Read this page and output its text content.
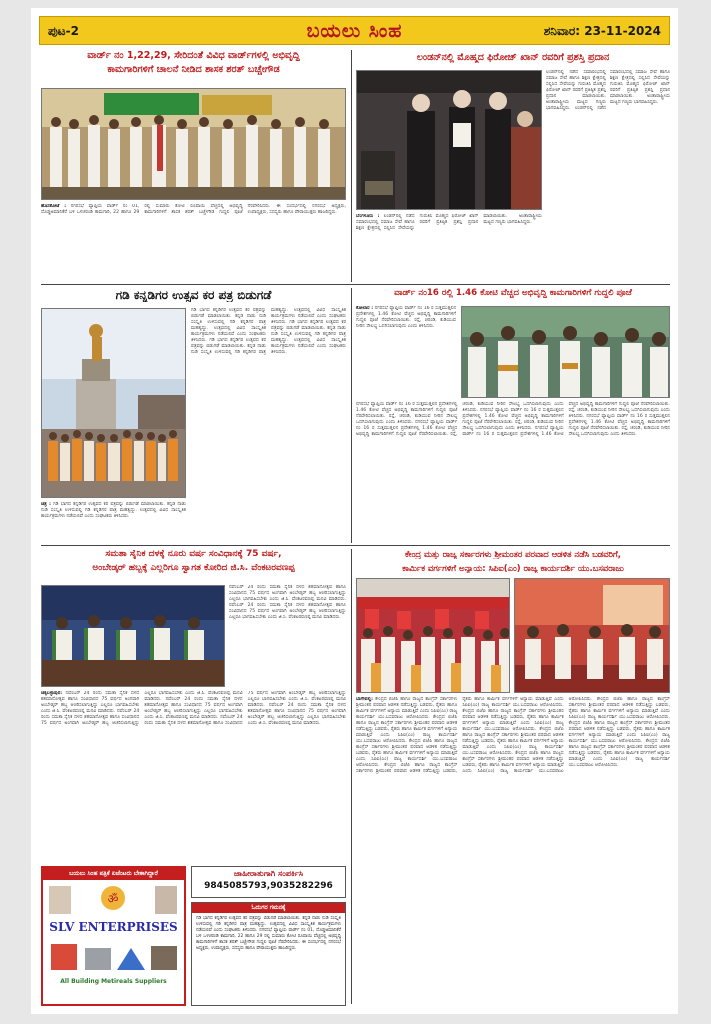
ಪುಟ-2	ಬಯಲು ಸಿಂಹ	ಶನಿವಾರ: 23-11-2024
ವಾರ್ಡ್ ನಂ 1,22,29, ಸೇರಿದಂತೆ ವಿವಿಧ ವಾರ್ಡ್‌ಗಳಲ್ಲಿ ಅಭಿವೃದ್ಧಿ
ಕಾಮಗಾರಿಗಳಿಗೆ ಚಾಲನೆ ನೀಡಿದ ಶಾಸಕ ಶರತ್ ಬಚ್ಚೇಗೌಡ
ಹೊಸಕೋಟೆ : ನಗರಸಭೆ ವ್ಯಾಪ್ತಿಯ ವಾರ್ಡ್ ನಂ 01, ದೊಡ್ಡಅಮಾನಿಕೆರೆ ಬಳಿ ಒಳಚರಂಡಿ ಕಾಮಗಾರಿ, 22 ಹಾಗೂ 29 ರಲ್ಲಿ ಸುಮಾರು ಕೋಟಿ ರೂಪಾಯಿ ವೆಚ್ಚದಲ್ಲಿ ಅಭಿವೃದ್ಧಿ ಕಾಮಗಾರಿಗಳಿಗೆ ಶಾಸಕ ಶರತ್ ಬಚ್ಚೇಗೌಡ ಗುದ್ದಲಿ ಪೂಜೆ ನೆರವೇರಿಸಿದರು. ಈ ಸಂದರ್ಭದಲ್ಲಿ ನಗರಸಭೆ ಅಧ್ಯಕ್ಷರು, ಉಪಾಧ್ಯಕ್ಷರು, ಸದಸ್ಯರು ಹಾಗೂ ಪೌರಾಯುಕ್ತರು ಹಾಜರಿದ್ದರು.
ಲಂಡನ್‌ನಲ್ಲಿ ಮೊಹ್ಮದ ಫಿರೋಜ್ ಖಾನ್ ರವರಿಗೆ ಪ್ರಶಸ್ತಿ ಪ್ರದಾನ
ಲಂಡನ್‌ನಲ್ಲಿ ನಡೆದ ಸಮಾರಂಭದಲ್ಲಿ ಸಮಾಜ ಸೇವೆ ಹಾಗೂ ಶಿಕ್ಷಣ ಕ್ಷೇತ್ರದಲ್ಲಿ ಸಲ್ಲಿಸಿದ ಸೇವೆಯನ್ನು ಗುರುತಿಸಿ ಮೊಹ್ಮದ ಫಿರೋಜ್ ಖಾನ್ ರವರಿಗೆ ಪ್ರತಿಷ್ಠಿತ ಪ್ರಶಸ್ತಿ ಪ್ರದಾನ ಮಾಡಲಾಯಿತು. ಅಂತಾರಾಷ್ಟ್ರೀಯ ಮಟ್ಟದ ಗಣ್ಯರು ಭಾಗವಹಿಸಿದ್ದರು. ಲಂಡನ್‌ನಲ್ಲಿ ನಡೆದ ಸಮಾರಂಭದಲ್ಲಿ ಸಮಾಜ ಸೇವೆ ಹಾಗೂ ಶಿಕ್ಷಣ ಕ್ಷೇತ್ರದಲ್ಲಿ ಸಲ್ಲಿಸಿದ ಸೇವೆಯನ್ನು ಗುರುತಿಸಿ ಮೊಹ್ಮದ ಫಿರೋಜ್ ಖಾನ್ ರವರಿಗೆ ಪ್ರತಿಷ್ಠಿತ ಪ್ರಶಸ್ತಿ ಪ್ರದಾನ ಮಾಡಲಾಯಿತು. ಅಂತಾರಾಷ್ಟ್ರೀಯ ಮಟ್ಟದ ಗಣ್ಯರು ಭಾಗವಹಿಸಿದ್ದರು.
ಬೆಂಗಳೂರು : ಲಂಡನ್‌ನಲ್ಲಿ ನಡೆದ ಸಮಾರಂಭದಲ್ಲಿ ಸಮಾಜ ಸೇವೆ ಹಾಗೂ ಶಿಕ್ಷಣ ಕ್ಷೇತ್ರದಲ್ಲಿ ಸಲ್ಲಿಸಿದ ಸೇವೆಯನ್ನು ಗುರುತಿಸಿ ಮೊಹ್ಮದ ಫಿರೋಜ್ ಖಾನ್ ರವರಿಗೆ ಪ್ರತಿಷ್ಠಿತ ಪ್ರಶಸ್ತಿ ಪ್ರದಾನ ಮಾಡಲಾಯಿತು. ಅಂತಾರಾಷ್ಟ್ರೀಯ ಮಟ್ಟದ ಗಣ್ಯರು ಭಾಗವಹಿಸಿದ್ದರು.
ಗಡಿ ಕನ್ನಡಿಗರ ಉತ್ಸವ ಕರ ಪತ್ರ ಬಿಡುಗಡೆ
ಗಡಿ ಭಾಗದ ಕನ್ನಡಿಗರ ಉತ್ಸವದ ಕರ ಪತ್ರವನ್ನು ಬಿಡುಗಡೆ ಮಾಡಲಾಯಿತು. ಕನ್ನಡ ನಾಡು ನುಡಿ ಸಂಸ್ಕೃತಿ ಉಳಿಸುವಲ್ಲಿ ಗಡಿ ಕನ್ನಡಿಗರ ಪಾತ್ರ ಮಹತ್ವದ್ದು. ಉತ್ಸವದಲ್ಲಿ ವಿವಿಧ ಸಾಂಸ್ಕೃತಿಕ ಕಾರ್ಯಕ್ರಮಗಳು ನಡೆಯಲಿವೆ ಎಂದು ಸಂಘಟಕರು ತಿಳಿಸಿದರು. ಗಡಿ ಭಾಗದ ಕನ್ನಡಿಗರ ಉತ್ಸವದ ಕರ ಪತ್ರವನ್ನು ಬಿಡುಗಡೆ ಮಾಡಲಾಯಿತು. ಕನ್ನಡ ನಾಡು ನುಡಿ ಸಂಸ್ಕೃತಿ ಉಳಿಸುವಲ್ಲಿ ಗಡಿ ಕನ್ನಡಿಗರ ಪಾತ್ರ ಮಹತ್ವದ್ದು. ಉತ್ಸವದಲ್ಲಿ ವಿವಿಧ ಸಾಂಸ್ಕೃತಿಕ ಕಾರ್ಯಕ್ರಮಗಳು ನಡೆಯಲಿವೆ ಎಂದು ಸಂಘಟಕರು ತಿಳಿಸಿದರು. ಗಡಿ ಭಾಗದ ಕನ್ನಡಿಗರ ಉತ್ಸವದ ಕರ ಪತ್ರವನ್ನು ಬಿಡುಗಡೆ ಮಾಡಲಾಯಿತು. ಕನ್ನಡ ನಾಡು ನುಡಿ ಸಂಸ್ಕೃತಿ ಉಳಿಸುವಲ್ಲಿ ಗಡಿ ಕನ್ನಡಿಗರ ಪಾತ್ರ ಮಹತ್ವದ್ದು. ಉತ್ಸವದಲ್ಲಿ ವಿವಿಧ ಸಾಂಸ್ಕೃತಿಕ ಕಾರ್ಯಕ್ರಮಗಳು ನಡೆಯಲಿವೆ ಎಂದು ಸಂಘಟಕರು ತಿಳಿಸಿದರು.
ಚಿತ್ರ : ಗಡಿ ಭಾಗದ ಕನ್ನಡಿಗರ ಉತ್ಸವದ ಕರ ಪತ್ರವನ್ನು ಬಿಡುಗಡೆ ಮಾಡಲಾಯಿತು. ಕನ್ನಡ ನಾಡು ನುಡಿ ಸಂಸ್ಕೃತಿ ಉಳಿಸುವಲ್ಲಿ ಗಡಿ ಕನ್ನಡಿಗರ ಪಾತ್ರ ಮಹತ್ವದ್ದು. ಉತ್ಸವದಲ್ಲಿ ವಿವಿಧ ಸಾಂಸ್ಕೃತಿಕ ಕಾರ್ಯಕ್ರಮಗಳು ನಡೆಯಲಿವೆ ಎಂದು ಸಂಘಟಕರು ತಿಳಿಸಿದರು.
ವಾರ್ಡ್ ನಂ16 ರಲ್ಲಿ 1.46 ಕೋಟಿ ವೆಚ್ಚದ ಅಭಿವೃದ್ಧಿ ಕಾಮಗಾರಿಗಳಿಗೆ ಗುದ್ದಲಿ ಪೂಜೆ
ಕೋಲಾರ : ನಗರಸಭೆ ವ್ಯಾಪ್ತಿಯ ವಾರ್ಡ್ ನಂ 16 ರ ಸುತ್ತಮುತ್ತಲಿನ ಪ್ರದೇಶಗಳಲ್ಲಿ 1.46 ಕೋಟಿ ವೆಚ್ಚದ ಅಭಿವೃದ್ಧಿ ಕಾಮಗಾರಿಗಳಿಗೆ ಗುದ್ದಲಿ ಪೂಜೆ ನೆರವೇರಿಸಲಾಯಿತು. ರಸ್ತೆ, ಚರಂಡಿ, ಕುಡಿಯುವ ನೀರಿನ ಸೌಲಭ್ಯ ಒದಗಿಸಲಾಗುವುದು ಎಂದು ತಿಳಿಸಿದರು.
ನಗರಸಭೆ ವ್ಯಾಪ್ತಿಯ ವಾರ್ಡ್ ನಂ 16 ರ ಸುತ್ತಮುತ್ತಲಿನ ಪ್ರದೇಶಗಳಲ್ಲಿ 1.46 ಕೋಟಿ ವೆಚ್ಚದ ಅಭಿವೃದ್ಧಿ ಕಾಮಗಾರಿಗಳಿಗೆ ಗುದ್ದಲಿ ಪೂಜೆ ನೆರವೇರಿಸಲಾಯಿತು. ರಸ್ತೆ, ಚರಂಡಿ, ಕುಡಿಯುವ ನೀರಿನ ಸೌಲಭ್ಯ ಒದಗಿಸಲಾಗುವುದು ಎಂದು ತಿಳಿಸಿದರು. ನಗರಸಭೆ ವ್ಯಾಪ್ತಿಯ ವಾರ್ಡ್ ನಂ 16 ರ ಸುತ್ತಮುತ್ತಲಿನ ಪ್ರದೇಶಗಳಲ್ಲಿ 1.46 ಕೋಟಿ ವೆಚ್ಚದ ಅಭಿವೃದ್ಧಿ ಕಾಮಗಾರಿಗಳಿಗೆ ಗುದ್ದಲಿ ಪೂಜೆ ನೆರವೇರಿಸಲಾಯಿತು. ರಸ್ತೆ, ಚರಂಡಿ, ಕುಡಿಯುವ ನೀರಿನ ಸೌಲಭ್ಯ ಒದಗಿಸಲಾಗುವುದು ಎಂದು ತಿಳಿಸಿದರು. ನಗರಸಭೆ ವ್ಯಾಪ್ತಿಯ ವಾರ್ಡ್ ನಂ 16 ರ ಸುತ್ತಮುತ್ತಲಿನ ಪ್ರದೇಶಗಳಲ್ಲಿ 1.46 ಕೋಟಿ ವೆಚ್ಚದ ಅಭಿವೃದ್ಧಿ ಕಾಮಗಾರಿಗಳಿಗೆ ಗುದ್ದಲಿ ಪೂಜೆ ನೆರವೇರಿಸಲಾಯಿತು. ರಸ್ತೆ, ಚರಂಡಿ, ಕುಡಿಯುವ ನೀರಿನ ಸೌಲಭ್ಯ ಒದಗಿಸಲಾಗುವುದು ಎಂದು ತಿಳಿಸಿದರು. ನಗರಸಭೆ ವ್ಯಾಪ್ತಿಯ ವಾರ್ಡ್ ನಂ 16 ರ ಸುತ್ತಮುತ್ತಲಿನ ಪ್ರದೇಶಗಳಲ್ಲಿ 1.46 ಕೋಟಿ ವೆಚ್ಚದ ಅಭಿವೃದ್ಧಿ ಕಾಮಗಾರಿಗಳಿಗೆ ಗುದ್ದಲಿ ಪೂಜೆ ನೆರವೇರಿಸಲಾಯಿತು. ರಸ್ತೆ, ಚರಂಡಿ, ಕುಡಿಯುವ ನೀರಿನ ಸೌಲಭ್ಯ ಒದಗಿಸಲಾಗುವುದು ಎಂದು ತಿಳಿಸಿದರು. ನಗರಸಭೆ ವ್ಯಾಪ್ತಿಯ ವಾರ್ಡ್ ನಂ 16 ರ ಸುತ್ತಮುತ್ತಲಿನ ಪ್ರದೇಶಗಳಲ್ಲಿ 1.46 ಕೋಟಿ ವೆಚ್ಚದ ಅಭಿವೃದ್ಧಿ ಕಾಮಗಾರಿಗಳಿಗೆ ಗುದ್ದಲಿ ಪೂಜೆ ನೆರವೇರಿಸಲಾಯಿತು. ರಸ್ತೆ, ಚರಂಡಿ, ಕುಡಿಯುವ ನೀರಿನ ಸೌಲಭ್ಯ ಒದಗಿಸಲಾಗುವುದು ಎಂದು ತಿಳಿಸಿದರು.
ಸಮತಾ ಸೈನಿಕ ದಳಕ್ಕೆ ನೂರು ವರ್ಷ ಸಂವಿಧಾನಕ್ಕೆ 75 ವರ್ಷ,
ಅಂಬೇಡ್ಕರ್ ಹಬ್ಬಕ್ಕೆ ಎಲ್ಲರಿಗೂ ಸ್ವಾಗತ ಕೋರಿದ ಜಿ.ಸಿ. ವೆಂಕಟರವಣಪ್ಪ
ನವೆಂಬರ್ 24 ರಂದು ಸಮತಾ ಸೈನಿಕ ದಳದ ಶತಮಾನೋತ್ಸವ ಹಾಗೂ ಸಂವಿಧಾನದ 75 ವರ್ಷದ ಅಂಗವಾಗಿ ಅಂಬೇಡ್ಕರ್ ಹಬ್ಬ ಆಚರಿಸಲಾಗುತ್ತಿದ್ದು ಎಲ್ಲರೂ ಭಾಗವಹಿಸಬೇಕು ಎಂದು ಜಿ.ಸಿ. ವೆಂಕಟರವಣಪ್ಪ ಮನವಿ ಮಾಡಿದರು. ನವೆಂಬರ್ 24 ರಂದು ಸಮತಾ ಸೈನಿಕ ದಳದ ಶತಮಾನೋತ್ಸವ ಹಾಗೂ ಸಂವಿಧಾನದ 75 ವರ್ಷದ ಅಂಗವಾಗಿ ಅಂಬೇಡ್ಕರ್ ಹಬ್ಬ ಆಚರಿಸಲಾಗುತ್ತಿದ್ದು ಎಲ್ಲರೂ ಭಾಗವಹಿಸಬೇಕು ಎಂದು ಜಿ.ಸಿ. ವೆಂಕಟರವಣಪ್ಪ ಮನವಿ ಮಾಡಿದರು.
ಚಿಕ್ಕಬಳ್ಳಾಪುರ: ನವೆಂಬರ್ 24 ರಂದು ಸಮತಾ ಸೈನಿಕ ದಳದ ಶತಮಾನೋತ್ಸವ ಹಾಗೂ ಸಂವಿಧಾನದ 75 ವರ್ಷದ ಅಂಗವಾಗಿ ಅಂಬೇಡ್ಕರ್ ಹಬ್ಬ ಆಚರಿಸಲಾಗುತ್ತಿದ್ದು ಎಲ್ಲರೂ ಭಾಗವಹಿಸಬೇಕು ಎಂದು ಜಿ.ಸಿ. ವೆಂಕಟರವಣಪ್ಪ ಮನವಿ ಮಾಡಿದರು. ನವೆಂಬರ್ 24 ರಂದು ಸಮತಾ ಸೈನಿಕ ದಳದ ಶತಮಾನೋತ್ಸವ ಹಾಗೂ ಸಂವಿಧಾನದ 75 ವರ್ಷದ ಅಂಗವಾಗಿ ಅಂಬೇಡ್ಕರ್ ಹಬ್ಬ ಆಚರಿಸಲಾಗುತ್ತಿದ್ದು ಎಲ್ಲರೂ ಭಾಗವಹಿಸಬೇಕು ಎಂದು ಜಿ.ಸಿ. ವೆಂಕಟರವಣಪ್ಪ ಮನವಿ ಮಾಡಿದರು. ನವೆಂಬರ್ 24 ರಂದು ಸಮತಾ ಸೈನಿಕ ದಳದ ಶತಮಾನೋತ್ಸವ ಹಾಗೂ ಸಂವಿಧಾನದ 75 ವರ್ಷದ ಅಂಗವಾಗಿ ಅಂಬೇಡ್ಕರ್ ಹಬ್ಬ ಆಚರಿಸಲಾಗುತ್ತಿದ್ದು ಎಲ್ಲರೂ ಭಾಗವಹಿಸಬೇಕು ಎಂದು ಜಿ.ಸಿ. ವೆಂಕಟರವಣಪ್ಪ ಮನವಿ ಮಾಡಿದರು. ನವೆಂಬರ್ 24 ರಂದು ಸಮತಾ ಸೈನಿಕ ದಳದ ಶತಮಾನೋತ್ಸವ ಹಾಗೂ ಸಂವಿಧಾನದ 75 ವರ್ಷದ ಅಂಗವಾಗಿ ಅಂಬೇಡ್ಕರ್ ಹಬ್ಬ ಆಚರಿಸಲಾಗುತ್ತಿದ್ದು ಎಲ್ಲರೂ ಭಾಗವಹಿಸಬೇಕು ಎಂದು ಜಿ.ಸಿ. ವೆಂಕಟರವಣಪ್ಪ ಮನವಿ ಮಾಡಿದರು. ನವೆಂಬರ್ 24 ರಂದು ಸಮತಾ ಸೈನಿಕ ದಳದ ಶತಮಾನೋತ್ಸವ ಹಾಗೂ ಸಂವಿಧಾನದ 75 ವರ್ಷದ ಅಂಗವಾಗಿ ಅಂಬೇಡ್ಕರ್ ಹಬ್ಬ ಆಚರಿಸಲಾಗುತ್ತಿದ್ದು ಎಲ್ಲರೂ ಭಾಗವಹಿಸಬೇಕು ಎಂದು ಜಿ.ಸಿ. ವೆಂಕಟರವಣಪ್ಪ ಮನವಿ ಮಾಡಿದರು.
ಕೇಂದ್ರ ಮತ್ತು ರಾಜ್ಯ ಸರ್ಕಾರಗಳು ಶ್ರೀಮಂತರ ಪರವಾದ ಆಡಳಿತ ನಡೆಸಿ ಬಡವರಿಗೆ,
ಕಾರ್ಮಿಕ ವರ್ಗಗಳಿಗೆ ಅನ್ಯಾಯ: ಸಿಪಿಐ(ಎಂ) ರಾಜ್ಯ ಕಾರ್ಯದರ್ಶಿ ಯು.ಬಸವರಾಜು
ಬಾಗೇಪಲ್ಲಿ: ಕೇಂದ್ರದ ಬಿಜೆಪಿ ಹಾಗೂ ರಾಜ್ಯದ ಕಾಂಗ್ರೆಸ್ ಸರ್ಕಾರಗಳು ಶ್ರೀಮಂತರ ಪರವಾದ ಆಡಳಿತ ನಡೆಸುತ್ತಿದ್ದು ಬಡವರು, ರೈತರು ಹಾಗೂ ಕಾರ್ಮಿಕ ವರ್ಗಗಳಿಗೆ ಅನ್ಯಾಯ ಮಾಡುತ್ತಿವೆ ಎಂದು ಸಿಪಿಐ(ಎಂ) ರಾಜ್ಯ ಕಾರ್ಯದರ್ಶಿ ಯು.ಬಸವರಾಜು ಆರೋಪಿಸಿದರು. ಕೇಂದ್ರದ ಬಿಜೆಪಿ ಹಾಗೂ ರಾಜ್ಯದ ಕಾಂಗ್ರೆಸ್ ಸರ್ಕಾರಗಳು ಶ್ರೀಮಂತರ ಪರವಾದ ಆಡಳಿತ ನಡೆಸುತ್ತಿದ್ದು ಬಡವರು, ರೈತರು ಹಾಗೂ ಕಾರ್ಮಿಕ ವರ್ಗಗಳಿಗೆ ಅನ್ಯಾಯ ಮಾಡುತ್ತಿವೆ ಎಂದು ಸಿಪಿಐ(ಎಂ) ರಾಜ್ಯ ಕಾರ್ಯದರ್ಶಿ ಯು.ಬಸವರಾಜು ಆರೋಪಿಸಿದರು. ಕೇಂದ್ರದ ಬಿಜೆಪಿ ಹಾಗೂ ರಾಜ್ಯದ ಕಾಂಗ್ರೆಸ್ ಸರ್ಕಾರಗಳು ಶ್ರೀಮಂತರ ಪರವಾದ ಆಡಳಿತ ನಡೆಸುತ್ತಿದ್ದು ಬಡವರು, ರೈತರು ಹಾಗೂ ಕಾರ್ಮಿಕ ವರ್ಗಗಳಿಗೆ ಅನ್ಯಾಯ ಮಾಡುತ್ತಿವೆ ಎಂದು ಸಿಪಿಐ(ಎಂ) ರಾಜ್ಯ ಕಾರ್ಯದರ್ಶಿ ಯು.ಬಸವರಾಜು ಆರೋಪಿಸಿದರು. ಕೇಂದ್ರದ ಬಿಜೆಪಿ ಹಾಗೂ ರಾಜ್ಯದ ಕಾಂಗ್ರೆಸ್ ಸರ್ಕಾರಗಳು ಶ್ರೀಮಂತರ ಪರವಾದ ಆಡಳಿತ ನಡೆಸುತ್ತಿದ್ದು ಬಡವರು, ರೈತರು ಹಾಗೂ ಕಾರ್ಮಿಕ ವರ್ಗಗಳಿಗೆ ಅನ್ಯಾಯ ಮಾಡುತ್ತಿವೆ ಎಂದು ಸಿಪಿಐ(ಎಂ) ರಾಜ್ಯ ಕಾರ್ಯದರ್ಶಿ ಯು.ಬಸವರಾಜು ಆರೋಪಿಸಿದರು. ಕೇಂದ್ರದ ಬಿಜೆಪಿ ಹಾಗೂ ರಾಜ್ಯದ ಕಾಂಗ್ರೆಸ್ ಸರ್ಕಾರಗಳು ಶ್ರೀಮಂತರ ಪರವಾದ ಆಡಳಿತ ನಡೆಸುತ್ತಿದ್ದು ಬಡವರು, ರೈತರು ಹಾಗೂ ಕಾರ್ಮಿಕ ವರ್ಗಗಳಿಗೆ ಅನ್ಯಾಯ ಮಾಡುತ್ತಿವೆ ಎಂದು ಸಿಪಿಐ(ಎಂ) ರಾಜ್ಯ ಕಾರ್ಯದರ್ಶಿ ಯು.ಬಸವರಾಜು ಆರೋಪಿಸಿದರು. ಕೇಂದ್ರದ ಬಿಜೆಪಿ ಹಾಗೂ ರಾಜ್ಯದ ಕಾಂಗ್ರೆಸ್ ಸರ್ಕಾರಗಳು ಶ್ರೀಮಂತರ ಪರವಾದ ಆಡಳಿತ ನಡೆಸುತ್ತಿದ್ದು ಬಡವರು, ರೈತರು ಹಾಗೂ ಕಾರ್ಮಿಕ ವರ್ಗಗಳಿಗೆ ಅನ್ಯಾಯ ಮಾಡುತ್ತಿವೆ ಎಂದು ಸಿಪಿಐ(ಎಂ) ರಾಜ್ಯ ಕಾರ್ಯದರ್ಶಿ ಯು.ಬಸವರಾಜು ಆರೋಪಿಸಿದರು. ಕೇಂದ್ರದ ಬಿಜೆಪಿ ಹಾಗೂ ರಾಜ್ಯದ ಕಾಂಗ್ರೆಸ್ ಸರ್ಕಾರಗಳು ಶ್ರೀಮಂತರ ಪರವಾದ ಆಡಳಿತ ನಡೆಸುತ್ತಿದ್ದು ಬಡವರು, ರೈತರು ಹಾಗೂ ಕಾರ್ಮಿಕ ವರ್ಗಗಳಿಗೆ ಅನ್ಯಾಯ ಮಾಡುತ್ತಿವೆ ಎಂದು ಸಿಪಿಐ(ಎಂ) ರಾಜ್ಯ ಕಾರ್ಯದರ್ಶಿ ಯು.ಬಸವರಾಜು ಆರೋಪಿಸಿದರು. ಕೇಂದ್ರದ ಬಿಜೆಪಿ ಹಾಗೂ ರಾಜ್ಯದ ಕಾಂಗ್ರೆಸ್ ಸರ್ಕಾರಗಳು ಶ್ರೀಮಂತರ ಪರವಾದ ಆಡಳಿತ ನಡೆಸುತ್ತಿದ್ದು ಬಡವರು, ರೈತರು ಹಾಗೂ ಕಾರ್ಮಿಕ ವರ್ಗಗಳಿಗೆ ಅನ್ಯಾಯ ಮಾಡುತ್ತಿವೆ ಎಂದು ಸಿಪಿಐ(ಎಂ) ರಾಜ್ಯ ಕಾರ್ಯದರ್ಶಿ ಯು.ಬಸವರಾಜು ಆರೋಪಿಸಿದರು. ಕೇಂದ್ರದ ಬಿಜೆಪಿ ಹಾಗೂ ರಾಜ್ಯದ ಕಾಂಗ್ರೆಸ್ ಸರ್ಕಾರಗಳು ಶ್ರೀಮಂತರ ಪರವಾದ ಆಡಳಿತ ನಡೆಸುತ್ತಿದ್ದು ಬಡವರು, ರೈತರು ಹಾಗೂ ಕಾರ್ಮಿಕ ವರ್ಗಗಳಿಗೆ ಅನ್ಯಾಯ ಮಾಡುತ್ತಿವೆ ಎಂದು ಸಿಪಿಐ(ಎಂ) ರಾಜ್ಯ ಕಾರ್ಯದರ್ಶಿ ಯು.ಬಸವರಾಜು ಆರೋಪಿಸಿದರು. ಕೇಂದ್ರದ ಬಿಜೆಪಿ ಹಾಗೂ ರಾಜ್ಯದ ಕಾಂಗ್ರೆಸ್ ಸರ್ಕಾರಗಳು ಶ್ರೀಮಂತರ ಪರವಾದ ಆಡಳಿತ ನಡೆಸುತ್ತಿದ್ದು ಬಡವರು, ರೈತರು ಹಾಗೂ ಕಾರ್ಮಿಕ ವರ್ಗಗಳಿಗೆ ಅನ್ಯಾಯ ಮಾಡುತ್ತಿವೆ ಎಂದು ಸಿಪಿಐ(ಎಂ) ರಾಜ್ಯ ಕಾರ್ಯದರ್ಶಿ ಯು.ಬಸವರಾಜು ಆರೋಪಿಸಿದರು.
ಬಯಲು ಸಿಂಹ ಪತ್ರಿಕೆ ಏಜೆಂಟರು ಬೇಕಾಗಿದ್ದಾರೆ
ॐ
SLV ENTERPRISES
All Building Metireals Suppliers
ಜಾಹೀರಾತುಗಾಗಿ ಸಂಪರ್ಕಿಸಿ
9845085793,9035282296
ಓದುಗರ ಗಮನಕ್ಕೆ
ಗಡಿ ಭಾಗದ ಕನ್ನಡಿಗರ ಉತ್ಸವದ ಕರ ಪತ್ರವನ್ನು ಬಿಡುಗಡೆ ಮಾಡಲಾಯಿತು. ಕನ್ನಡ ನಾಡು ನುಡಿ ಸಂಸ್ಕೃತಿ ಉಳಿಸುವಲ್ಲಿ ಗಡಿ ಕನ್ನಡಿಗರ ಪಾತ್ರ ಮಹತ್ವದ್ದು. ಉತ್ಸವದಲ್ಲಿ ವಿವಿಧ ಸಾಂಸ್ಕೃತಿಕ ಕಾರ್ಯಕ್ರಮಗಳು ನಡೆಯಲಿವೆ ಎಂದು ಸಂಘಟಕರು ತಿಳಿಸಿದರು. ನಗರಸಭೆ ವ್ಯಾಪ್ತಿಯ ವಾರ್ಡ್ ನಂ 01, ದೊಡ್ಡಅಮಾನಿಕೆರೆ ಬಳಿ ಒಳಚರಂಡಿ ಕಾಮಗಾರಿ, 22 ಹಾಗೂ 29 ರಲ್ಲಿ ಸುಮಾರು ಕೋಟಿ ರೂಪಾಯಿ ವೆಚ್ಚದಲ್ಲಿ ಅಭಿವೃದ್ಧಿ ಕಾಮಗಾರಿಗಳಿಗೆ ಶಾಸಕ ಶರತ್ ಬಚ್ಚೇಗೌಡ ಗುದ್ದಲಿ ಪೂಜೆ ನೆರವೇರಿಸಿದರು. ಈ ಸಂದರ್ಭದಲ್ಲಿ ನಗರಸಭೆ ಅಧ್ಯಕ್ಷರು, ಉಪಾಧ್ಯಕ್ಷರು, ಸದಸ್ಯರು ಹಾಗೂ ಪೌರಾಯುಕ್ತರು ಹಾಜರಿದ್ದರು.
